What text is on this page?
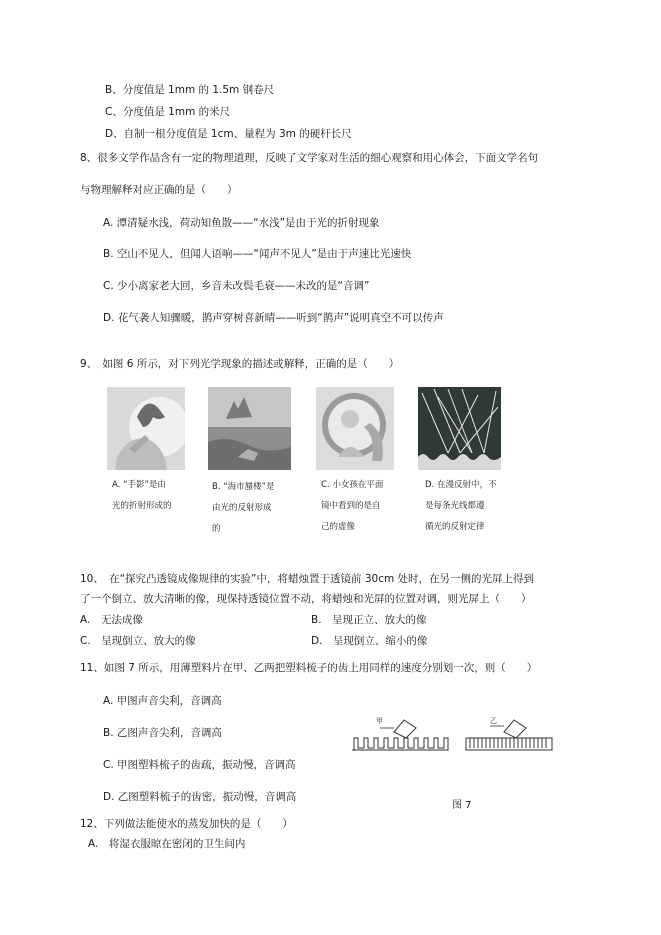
B、分度值是 1mm 的 1.5m 钢卷尺
C、分度值是 1mm 的米尺
D、自制一根分度值是 1cm、量程为 3m 的硬杆长尺
8、很多文学作品含有一定的物理道理，反映了文学家对生活的细心观察和用心体会，下面文学名句
与物理解释对应正确的是（　　）
A. 潭清疑水浅，荷动知鱼散——“水浅”是由于光的折射现象
B. 空山不见人，但闻人语响——“闻声不见人”是由于声速比光速快
C. 少小离家老大回，乡音未改鬓毛衰——未改的是“音调”
D. 花气袭人知骤暖，鹊声穿树喜新晴——听到“鹊声”说明真空不可以传声
9、　如图 6 所示，对下列光学现象的描述或解释，正确的是（　　）
A. “手影”是由
光的折射形成的
B. “海市蜃楼”是
由光的反射形成
的
C. 小女孩在平面
镜中看到的是自
己的虚像
D. 在漫反射中，不
是每条光线都遵
循光的反射定律
10、　在“探究凸透镜成像规律的实验”中，将蜡烛置于透镜前 30cm 处时，在另一侧的光屏上得到
了一个倒立、放大清晰的像，现保持透镜位置不动，将蜡烛和光屏的位置对调，则光屏上（　　）
A.　无法成像	B.　呈现正立、放大的像
C.　呈现倒立、放大的像	D.　呈现倒立、缩小的像
11、如图 7 所示，用薄塑料片在甲、乙两把塑料梳子的齿上用同样的速度分别划一次，则（　　）
A. 甲图声音尖利，音调高
B. 乙图声音尖利，音调高
C. 甲图塑料梳子的齿疏，振动慢，音调高
D. 乙图塑料梳子的齿密，振动慢，音调高
甲	乙
图 7
12、下列做法能使水的蒸发加快的是（　　）
A.　将湿衣服晾在密闭的卫生间内
